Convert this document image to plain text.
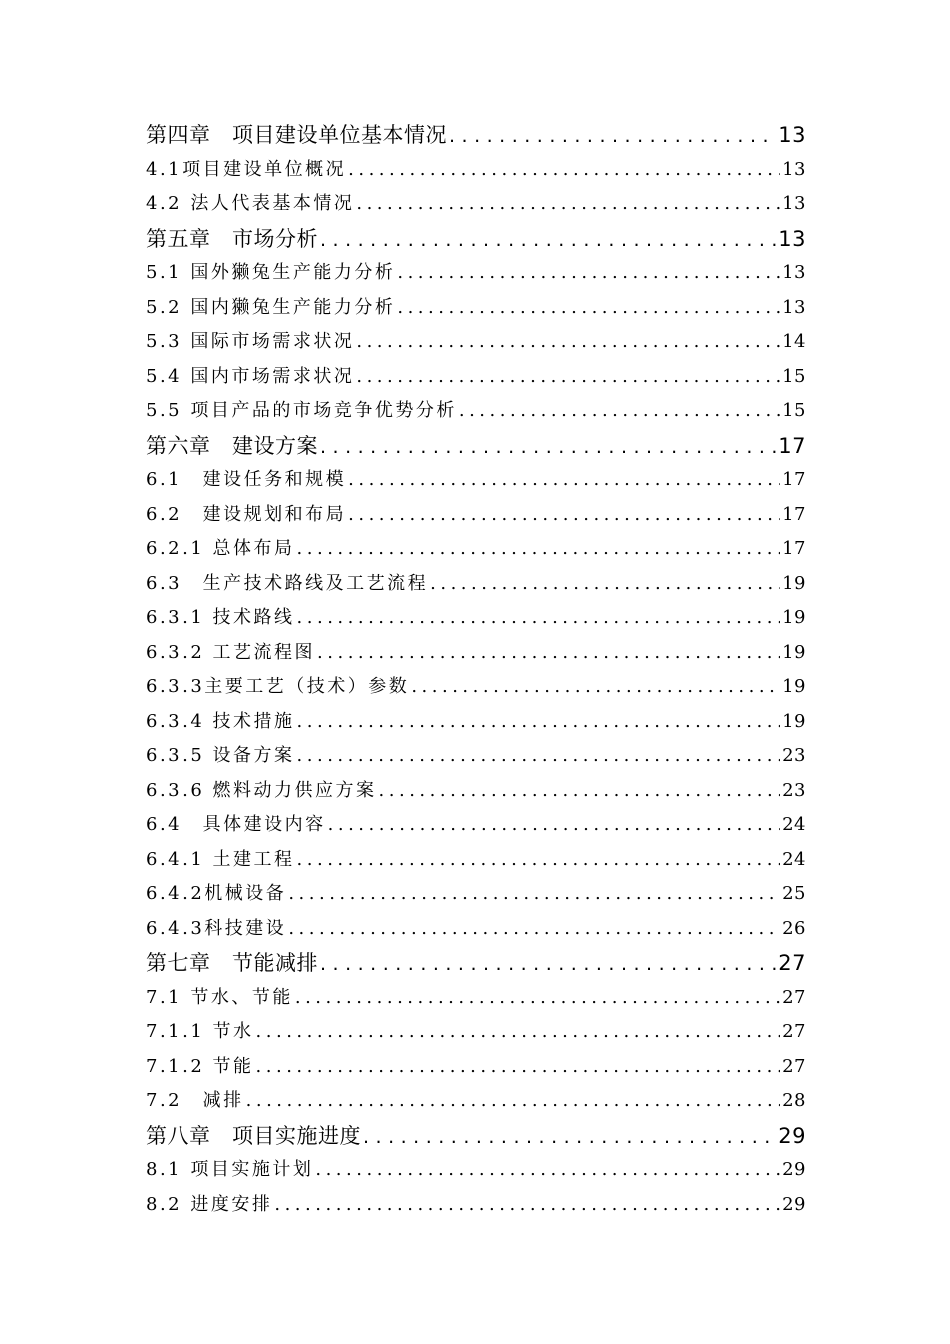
第四章　项目建设单位基本情况 .....	13
4.1项目建设单位概况 .....	13
4.2 法人代表基本情况 .....	13
第五章　市场分析 .....	13
5.1 国外獭兔生产能力分析 .....	13
5.2 国内獭兔生产能力分析 .....	13
5.3 国际市场需求状况 .....	14
5.4 国内市场需求状况 .....	15
5.5 项目产品的市场竞争优势分析 .....	15
第六章　建设方案 .....	17
6.1　建设任务和规模 .....	17
6.2　建设规划和布局 .....	17
6.2.1 总体布局 .....	17
6.3　生产技术路线及工艺流程 .....	19
6.3.1 技术路线 .....	19
6.3.2 工艺流程图 .....	19
6.3.3主要工艺（技术）参数 .....	19
6.3.4 技术措施 .....	19
6.3.5 设备方案 .....	23
6.3.6 燃料动力供应方案 .....	23
6.4　具体建设内容 .....	24
6.4.1 土建工程 .....	24
6.4.2机械设备 .....	25
6.4.3科技建设 .....	26
第七章　节能减排 .....	27
7.1 节水、节能 .....	27
7.1.1 节水 .....	27
7.1.2 节能 .....	27
7.2　减排 .....	28
第八章　项目实施进度 .....	29
8.1 项目实施计划 .....	29
8.2 进度安排 .....	29
